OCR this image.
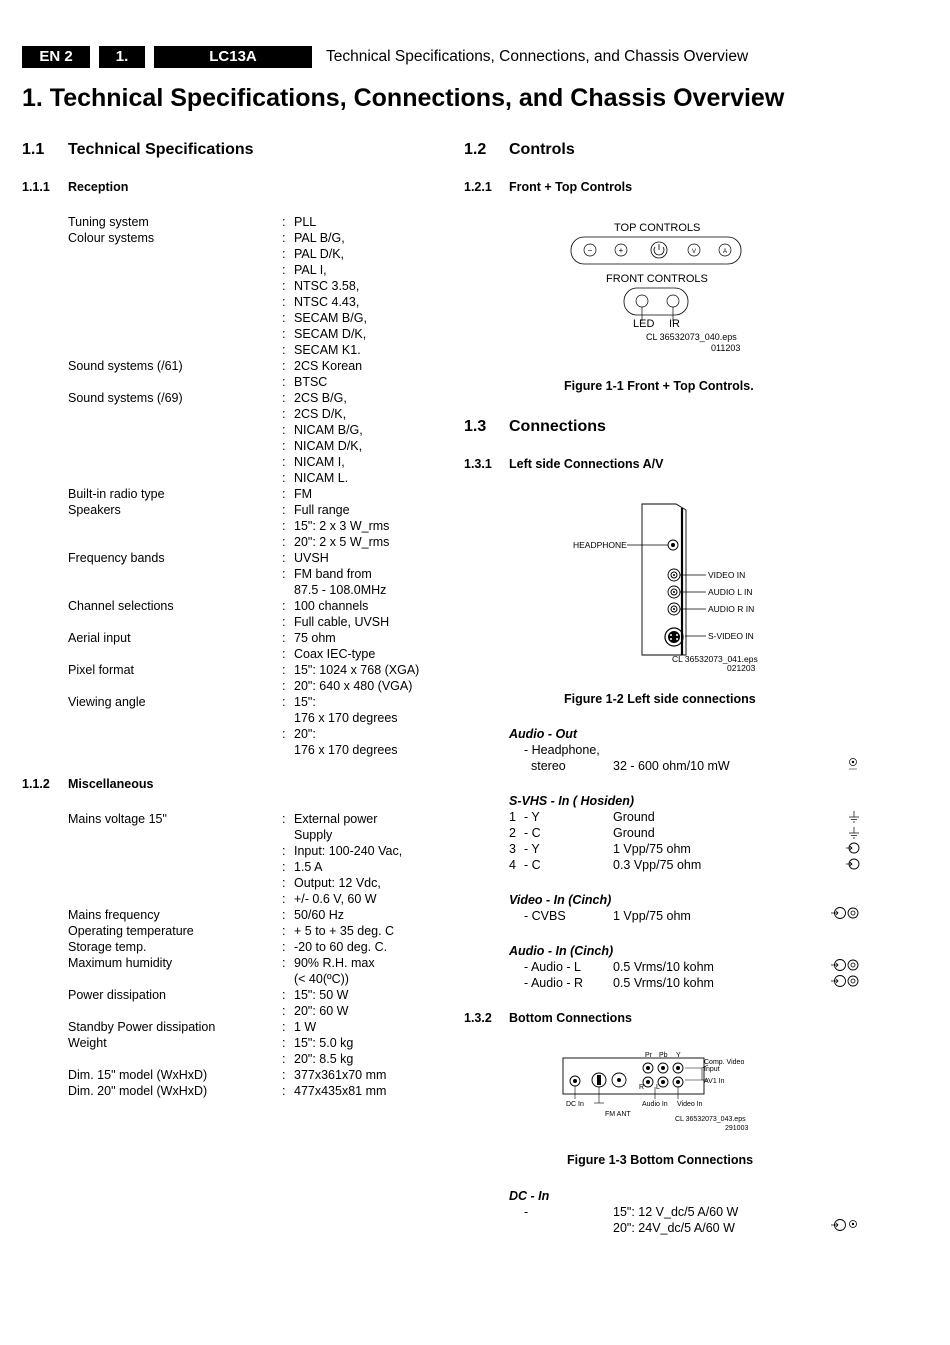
EN 2	1.	LC13A	Technical Specifications, Connections, and Chassis Overview
1. Technical Specifications, Connections, and Chassis Overview
1.1 Technical Specifications
1.1.1 Reception
Tuning system	: PLL
Colour systems	: PAL B/G,
: PAL D/K,
: PAL I,
: NTSC 3.58,
: NTSC 4.43,
: SECAM B/G,
: SECAM D/K,
: SECAM K1.
Sound systems (/61)	: 2CS Korean
: BTSC
Sound systems (/69)	: 2CS B/G,
: 2CS D/K,
: NICAM B/G,
: NICAM D/K,
: NICAM I,
: NICAM L.
Built-in radio type	: FM
Speakers	: Full range
: 15": 2 x 3 W_rms
: 20": 2 x 5 W_rms
Frequency bands	: UVSH
: FM band from
87.5 - 108.0MHz
Channel selections	: 100 channels
: Full cable, UVSH
Aerial input	: 75 ohm
: Coax IEC-type
Pixel format	: 15": 1024 x 768 (XGA)
: 20": 640 x 480 (VGA)
Viewing angle	: 15":
176 x 170 degrees
: 20":
176 x 170 degrees
1.1.2 Miscellaneous
Mains voltage 15"	: External power
Supply
: Input: 100-240 Vac,
: 1.5 A
: Output: 12 Vdc,
: +/- 0.6 V, 60 W
Mains frequency	: 50/60 Hz
Operating temperature	: + 5 to + 35 deg. C
Storage temp.	: -20 to 60 deg. C.
Maximum humidity	: 90% R.H. max
(< 40(ºC))
Power dissipation	: 15": 50 W
: 20": 60 W
Standby Power dissipation	: 1 W
Weight	: 15": 5.0 kg
: 20": 8.5 kg
Dim. 15" model (WxHxD)	: 377x361x70 mm
Dim. 20" model (WxHxD)	: 477x435x81 mm
1.2 Controls
1.2.1 Front + Top Controls
TOP CONTROLS
−	+	V	A
FRONT CONTROLS
LED IR
CL 36532073_040.eps
011203
Figure 1-1 Front + Top Controls.
1.3 Connections
1.3.1 Left side Connections A/V
HEADPHONE
VIDEO IN
AUDIO L IN
AUDIO R IN
S-VIDEO IN
CL 36532073_041.eps
021203
Figure 1-2 Left side connections
Audio - Out
- Headphone,
stereo	32 - 600 ohm/10 mW
S-VHS - In ( Hosiden)
1 - Y	Ground
2 - C	Ground
3 - Y	1 Vpp/75 ohm
4 - C	0.3 Vpp/75 ohm
Video - In (Cinch)
- CVBS	1 Vpp/75 ohm
Audio - In (Cinch)
- Audio - L	0.5 Vrms/10 kohm
- Audio - R 0.5 Vrms/10 kohm
1.3.2 Bottom Connections
Pr Pb Y
Comp. Video
Input
AV1 In
R L
DC In	Audio In Video In
FM ANT
CL 36532073_043.eps
291003
Figure 1-3 Bottom Connections
DC - In
-	15": 12 V_dc/5 A/60 W
20": 24V_dc/5 A/60 W
